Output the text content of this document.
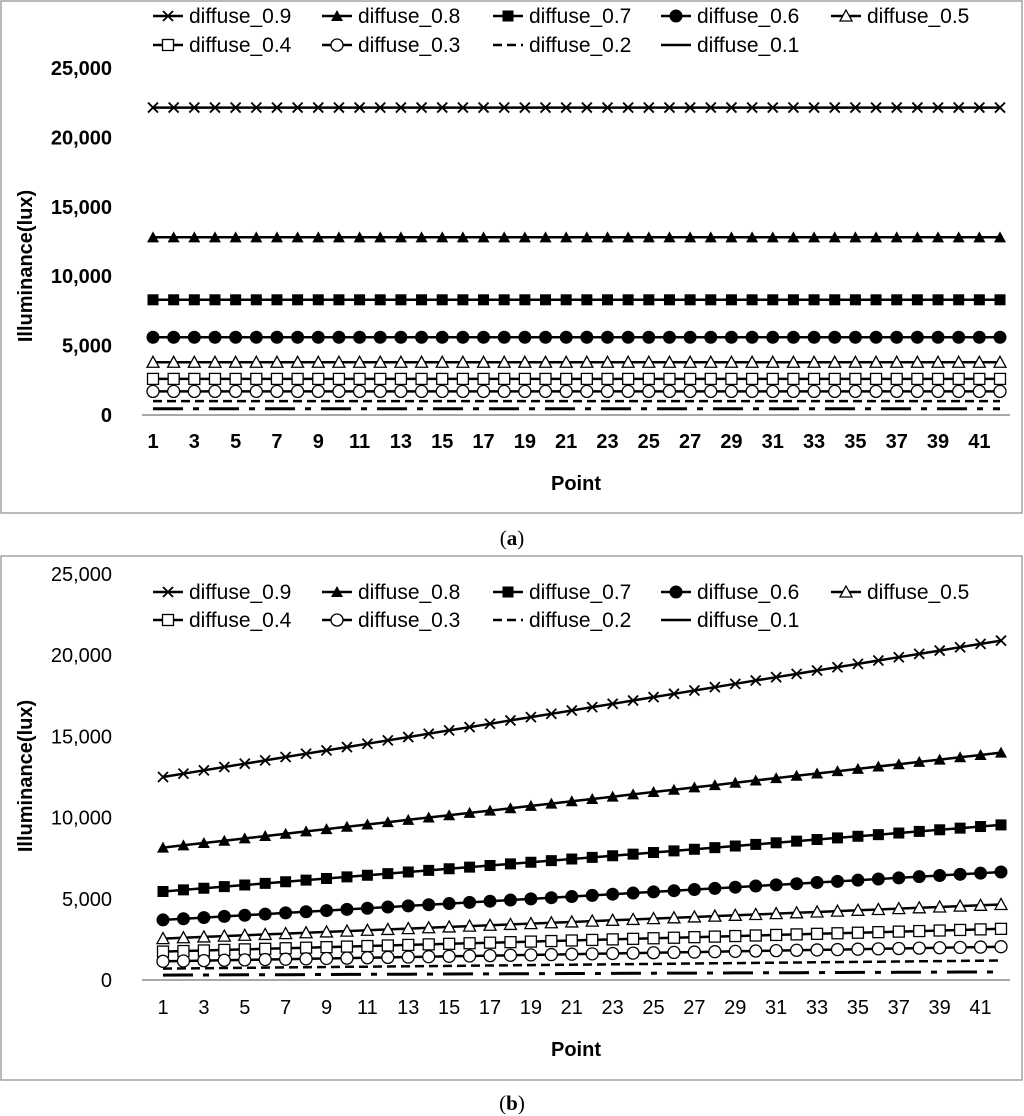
Illuminance(lux)
Point
0
5,000
10,000
15,000
20,000
25,000
1 3 5 7 9 11 13 15 17 19 21 23 25 27 29 31 33 35 37 39 41
diffuse_0.9	diffuse_0.8	diffuse_0.7	diffuse_0.6	diffuse_0.5
diffuse_0.4	diffuse_0.3	diffuse_0.2	diffuse_0.1
(a)
Illuminance(lux)
Point
0
5,000
10,000
15,000
20,000
25,000
1 3 5 7 9 11 13 15 17 19 21 23 25 27 29 31 33 35 37 39 41
diffuse_0.9	diffuse_0.8	diffuse_0.7	diffuse_0.6	diffuse_0.5
diffuse_0.4	diffuse_0.3	diffuse_0.2	diffuse_0.1
(b)
